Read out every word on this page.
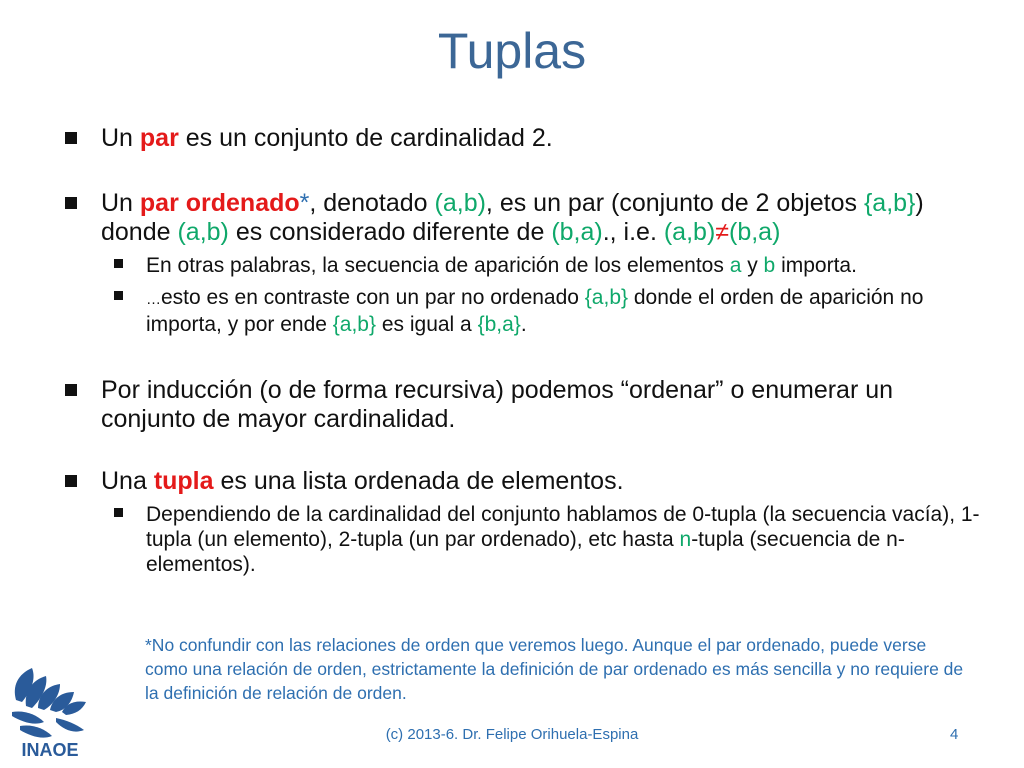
Tuplas
Un par es un conjunto de cardinalidad 2.
Un par ordenado*, denotado (a,b), es un par (conjunto de 2 objetos {a,b}) donde (a,b) es considerado diferente de (b,a)., i.e. (a,b)≠(b,a)
En otras palabras, la secuencia de aparición de los elementos a y b importa.
…esto es en contraste con un par no ordenado {a,b} donde el orden de aparición no importa, y por ende {a,b} es igual a {b,a}.
Por inducción (o de forma recursiva) podemos “ordenar” o enumerar un conjunto de mayor cardinalidad.
Una tupla es una lista ordenada de elementos.
Dependiendo de la cardinalidad del conjunto hablamos de 0-tupla (la secuencia vacía), 1-tupla (un elemento), 2-tupla (un par ordenado), etc hasta n-tupla (secuencia de n-elementos).
*No confundir con las relaciones de orden que veremos luego. Aunque el par ordenado, puede verse como una relación de orden, estrictamente la definición de par ordenado es más sencilla y no requiere de la definición de relación de orden.
INAOE
(c) 2013-6. Dr. Felipe Orihuela-Espina	4
